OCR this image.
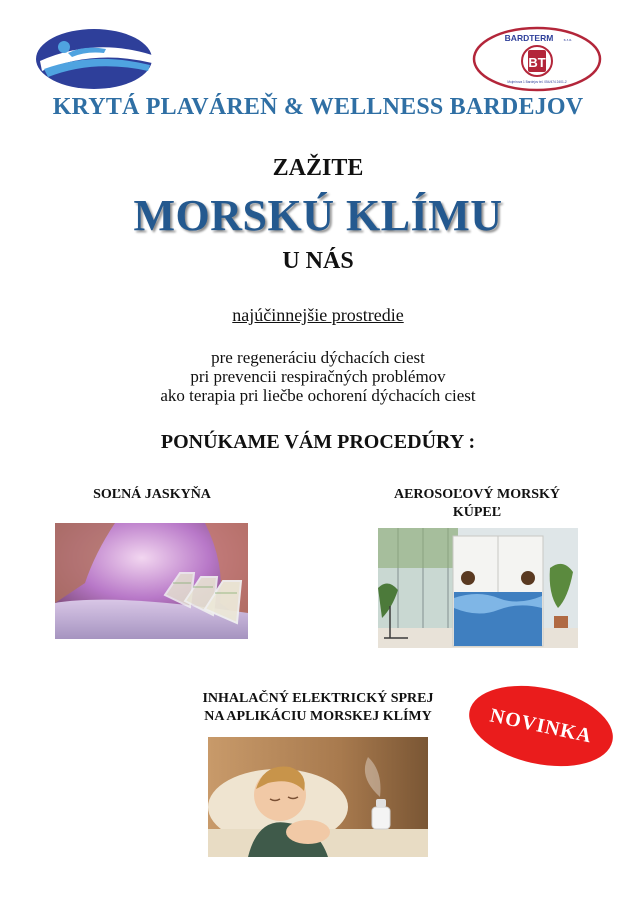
BARDTERM	s.r.o.
BT
Mojmirova 1 Bardejov tel. 054/474 2401-2
KRYTÁ PLAVÁREŇ & WELLNESS BARDEJOV
ZAŽITE
MORSKÚ KLÍMU
U NÁS
najúčinnejšie prostredie
pre regeneráciu dýchacích ciest
pri prevencii respiračných problémov
ako terapia pri liečbe ochorení dýchacích ciest
PONÚKAME VÁM PROCEDÚRY :
SOĽNÁ JASKYŇA	AEROSOĽOVÝ MORSKÝ
KÚPEĽ
INHALAČNÝ ELEKTRICKÝ SPREJ
NA APLIKÁCIU MORSKEJ KLÍMY	NOVINKA
